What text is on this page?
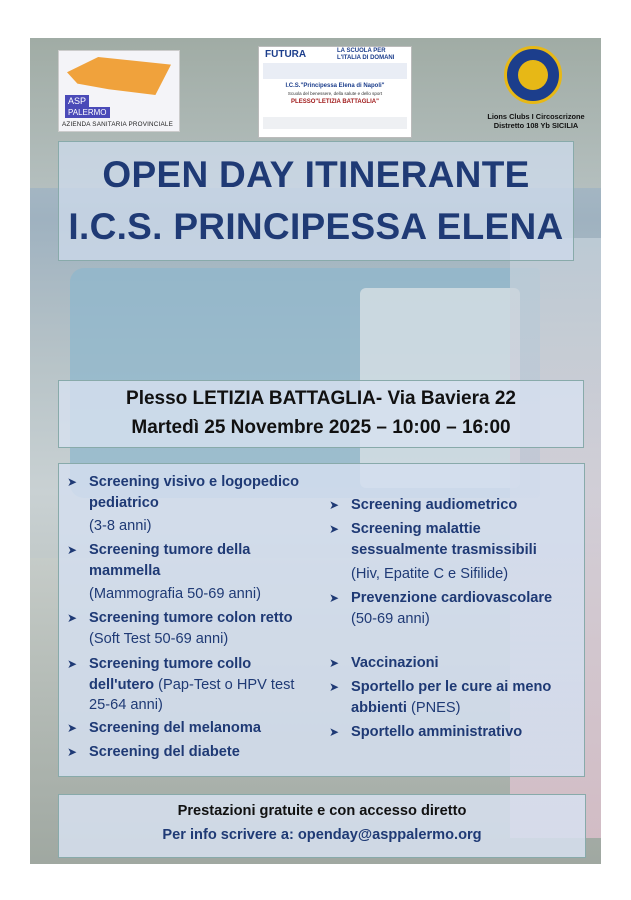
ASP
PALERMO
AZIENDA SANITARIA PROVINCIALE
FUTURA	LA SCUOLA PER L'ITALIA DI DOMANI
I.C.S."Principessa Elena di Napoli"
Scuola del benessere, della salute e dello sport
PLESSO"LETIZIA BATTAGLIA"
Lions Clubs I Circoscrizone Distretto 108 Yb SICILIA
OPEN DAY ITINERANTE
I.C.S. PRINCIPESSA ELENA
Plesso LETIZIA BATTAGLIA- Via Baviera 22
Martedì 25 Novembre 2025 – 10:00 – 16:00
➤ Screening visivo e logopedico pediatrico
(3-8 anni)
➤ Screening tumore della mammella
(Mammografia 50-69 anni)
➤ Screening tumore colon retto (Soft Test 50-69 anni)
➤ Screening tumore collo dell'utero (Pap-Test o HPV test 25-64 anni)
➤ Screening del melanoma
➤ Screening del diabete
➤ Screening audiometrico
➤ Screening malattie sessualmente trasmissibili
(Hiv, Epatite C e Sifilide)
➤ Prevenzione cardiovascolare (50-69 anni)
➤ Vaccinazioni
➤ Sportello per le cure ai meno abbienti (PNES)
➤ Sportello amministrativo
Prestazioni gratuite e con accesso diretto
Per info scrivere a: openday@asppalermo.org
